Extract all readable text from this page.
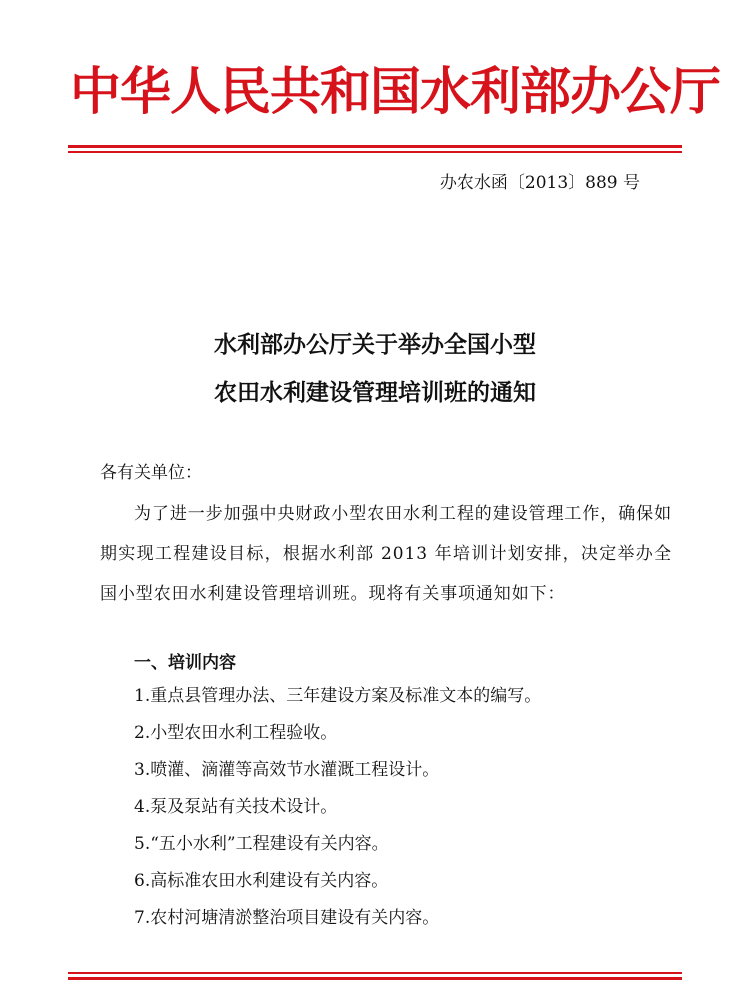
中华人民共和国水利部办公厅
办农水函〔2013〕889 号
水利部办公厅关于举办全国小型
农田水利建设管理培训班的通知
各有关单位：
为了进一步加强中央财政小型农田水利工程的建设管理工作，确保如期实现工程建设目标，根据水利部 2013 年培训计划安排，决定举办全国小型农田水利建设管理培训班。现将有关事项通知如下：
一、培训内容
1.重点县管理办法、三年建设方案及标准文本的编写。
2.小型农田水利工程验收。
3.喷灌、滴灌等高效节水灌溉工程设计。
4.泵及泵站有关技术设计。
5.“五小水利”工程建设有关内容。
6.高标准农田水利建设有关内容。
7.农村河塘清淤整治项目建设有关内容。
